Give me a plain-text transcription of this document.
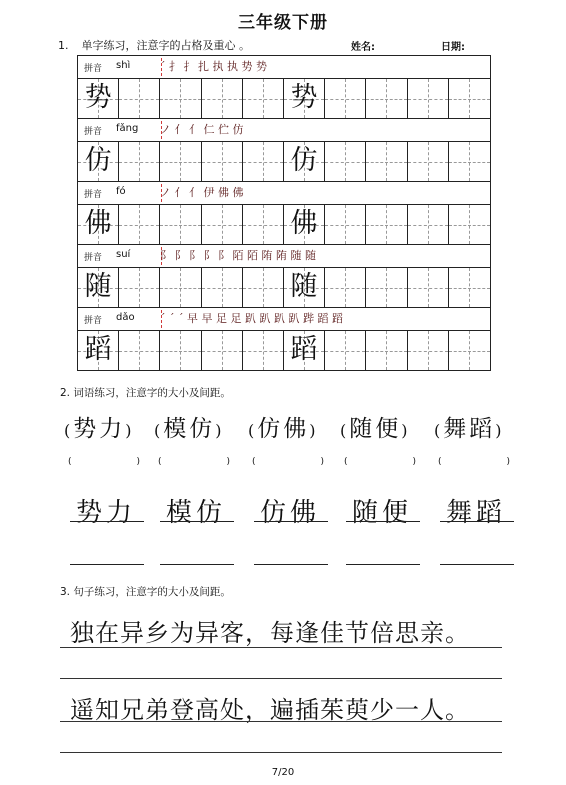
三年级下册
1. 单字练习，注意字的占格及重心 。	姓名:	日期:
拼音 shì	ˊ 扌 扌 扎 执 执 势 势
势	势
拼音 fǎng ノ 亻 亻 仁 伫 仿
仿	仿
拼音 fó	ノ 亻 亻 伊 佛 佛
佛	佛
拼音 suí	阝 阝 阝 阝 阝 陌 陌 陏 陏 随 随
随	随
拼音 dǎo ˊ ˊ ˊ 早 早 足 足 趴 趴 趴 趴 跸 蹈 蹈
蹈	蹈
2. 词语练习，注意字的大小及间距。
(势力)
(	)
势力
(模仿)
(	)
模仿
(仿佛)
(	)
仿佛
(随便)
(	)
随便
(舞蹈)
(	)
舞蹈
3. 句子练习，注意字的大小及间距。
独在异乡为异客，每逢佳节倍思亲。
遥知兄弟登高处，遍插茱萸少一人。
7/20
